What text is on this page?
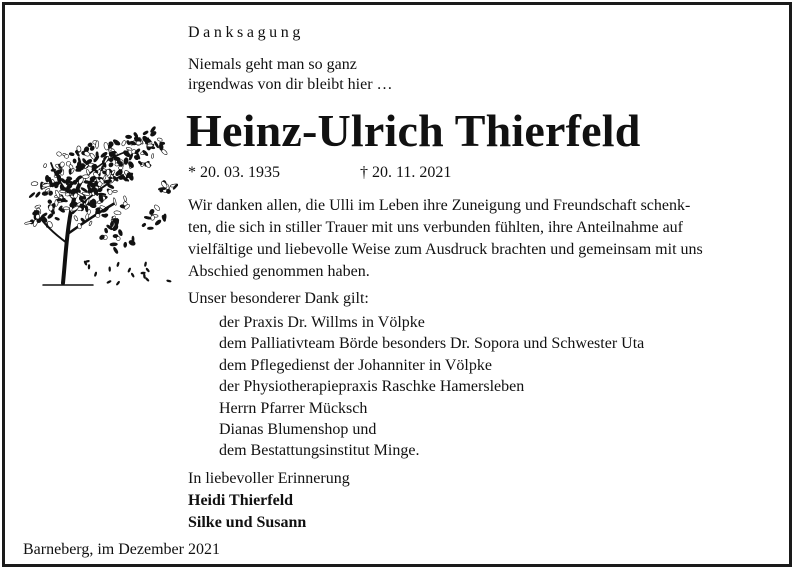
Danksagung
Niemals geht man so ganz
irgendwas von dir bleibt hier …
Heinz-Ulrich Thierfeld
* 20. 03. 1935	† 20. 11. 2021
Wir danken allen, die Ulli im Leben ihre Zuneigung und Freundschaft schenk-
ten, die sich in stiller Trauer mit uns verbunden fühlten, ihre Anteilnahme auf
vielfältige und liebevolle Weise zum Ausdruck brachten und gemeinsam mit uns
Abschied genommen haben.
Unser besonderer Dank gilt:
der Praxis Dr. Willms in Völpke
dem Palliativteam Börde besonders Dr. Sopora und Schwester Uta
dem Pflegedienst der Johanniter in Völpke
der Physiotherapiepraxis Raschke Hamersleben
Herrn Pfarrer Mücksch
Dianas Blumenshop und
dem Bestattungsinstitut Minge.
In liebevoller Erinnerung
Heidi Thierfeld
Silke und Susann
Barneberg, im Dezember 2021
